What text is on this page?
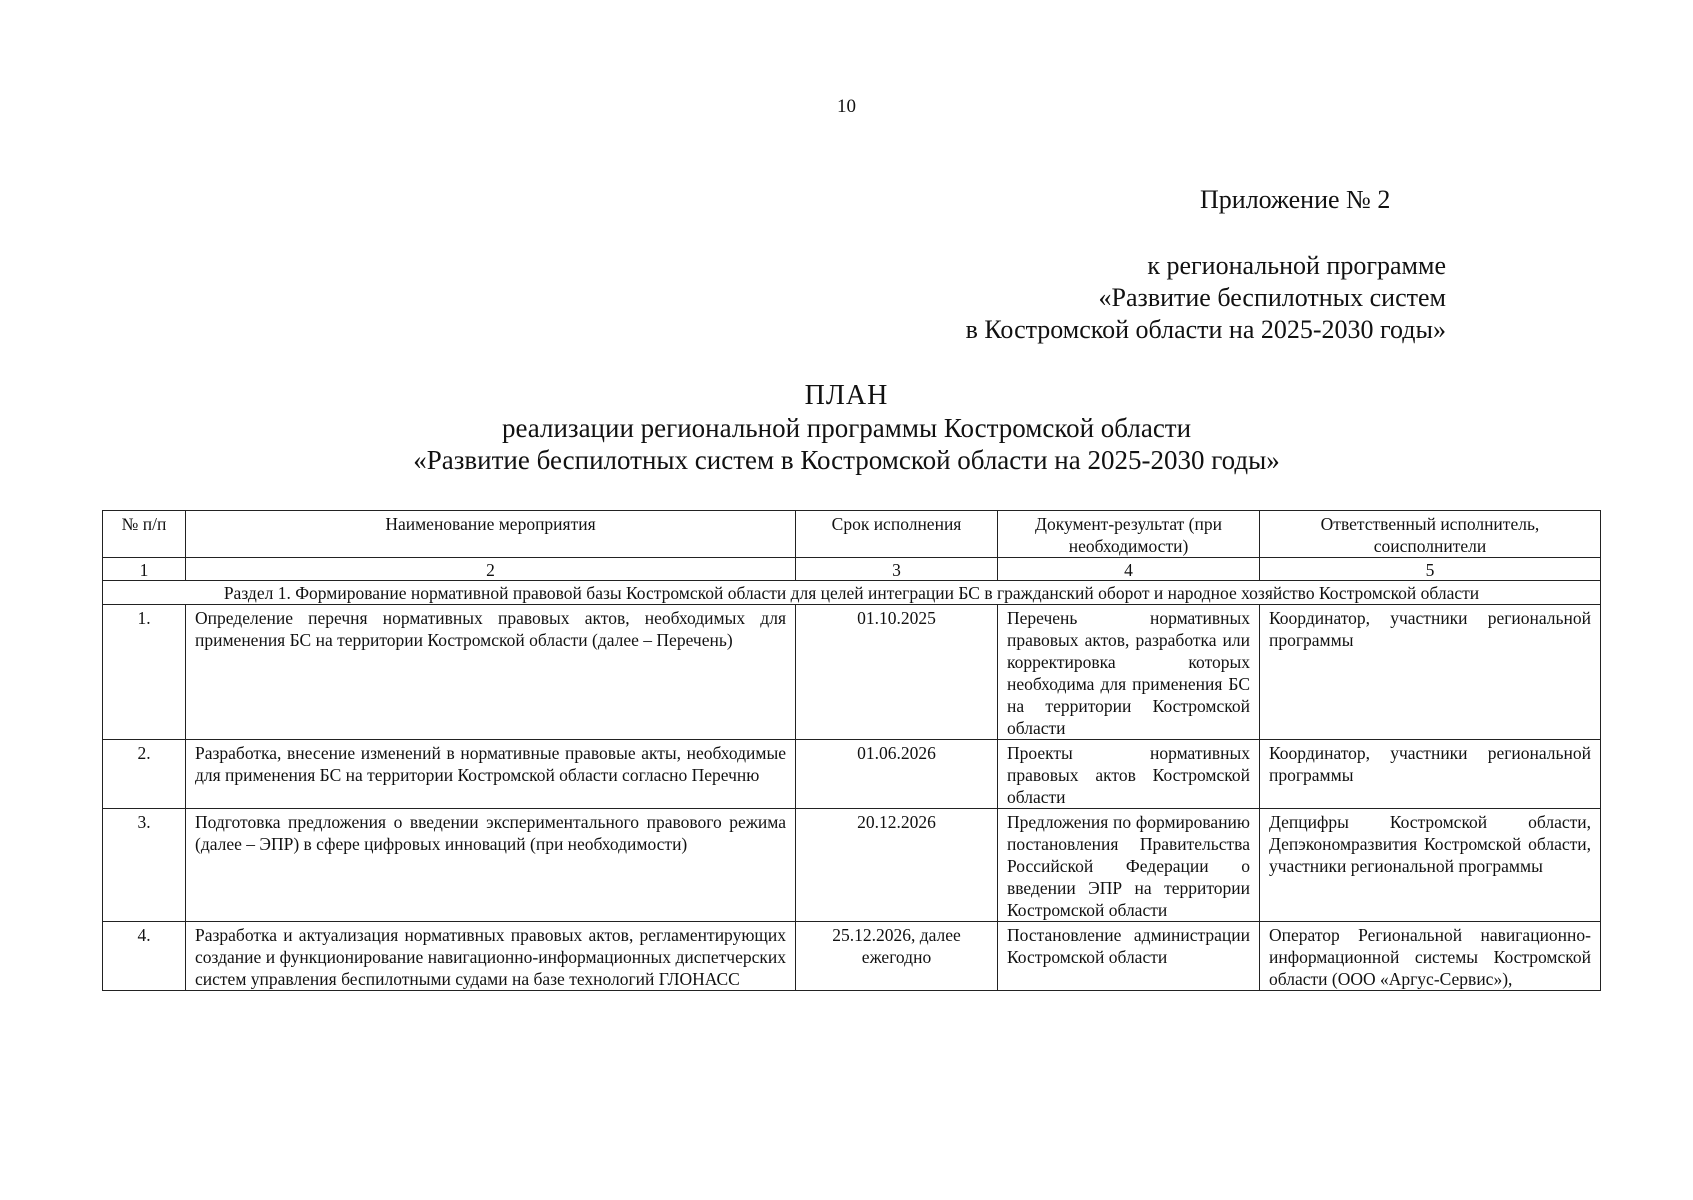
10
Приложение № 2
к региональной программе
«Развитие беспилотных систем
в Костромской области на 2025-2030 годы»
ПЛАН
реализации региональной программы Костромской области
«Развитие беспилотных систем в Костромской области на 2025-2030 годы»
№ п/п	Наименование мероприятия	Срок исполнения	Документ-результат (при необходимости)	Ответственный исполнитель, соисполнители
1	2	3	4	5
Раздел 1. Формирование нормативной правовой базы Костромской области для целей интеграции БС в гражданский оборот и народное хозяйство Костромской области				
1.	Определение перечня нормативных правовых актов, необходимых для применения БС на территории Костромской области (далее – Перечень)	01.10.2025	Перечень нормативных правовых актов, разработка или корректировка которых необходима для применения БС на территории Костромской области	Координатор, участники региональной программы
2.	Разработка, внесение изменений в нормативные правовые акты, необходимые для применения БС на территории Костромской области согласно Перечню	01.06.2026	Проекты нормативных правовых актов Костромской области	Координатор, участники региональной программы
3.	Подготовка предложения о введении экспериментального правового режима (далее – ЭПР) в сфере цифровых инноваций (при необходимости)	20.12.2026	Предложения по формированию постановления Правительства Российской Федерации о введении ЭПР на территории Костромской области	Депцифры Костромской области, Депэкономразвития Костромской области, участники региональной программы
4.	Разработка и актуализация нормативных правовых актов, регламентирующих создание и функционирование навигационно-информационных диспетчерских систем управления беспилотными судами на базе технологий ГЛОНАСС	25.12.2026, далее ежегодно	Постановление администрации Костромской области	Оператор Региональной навигационно-информационной системы Костромской области (ООО «Аргус-Сервис»),
